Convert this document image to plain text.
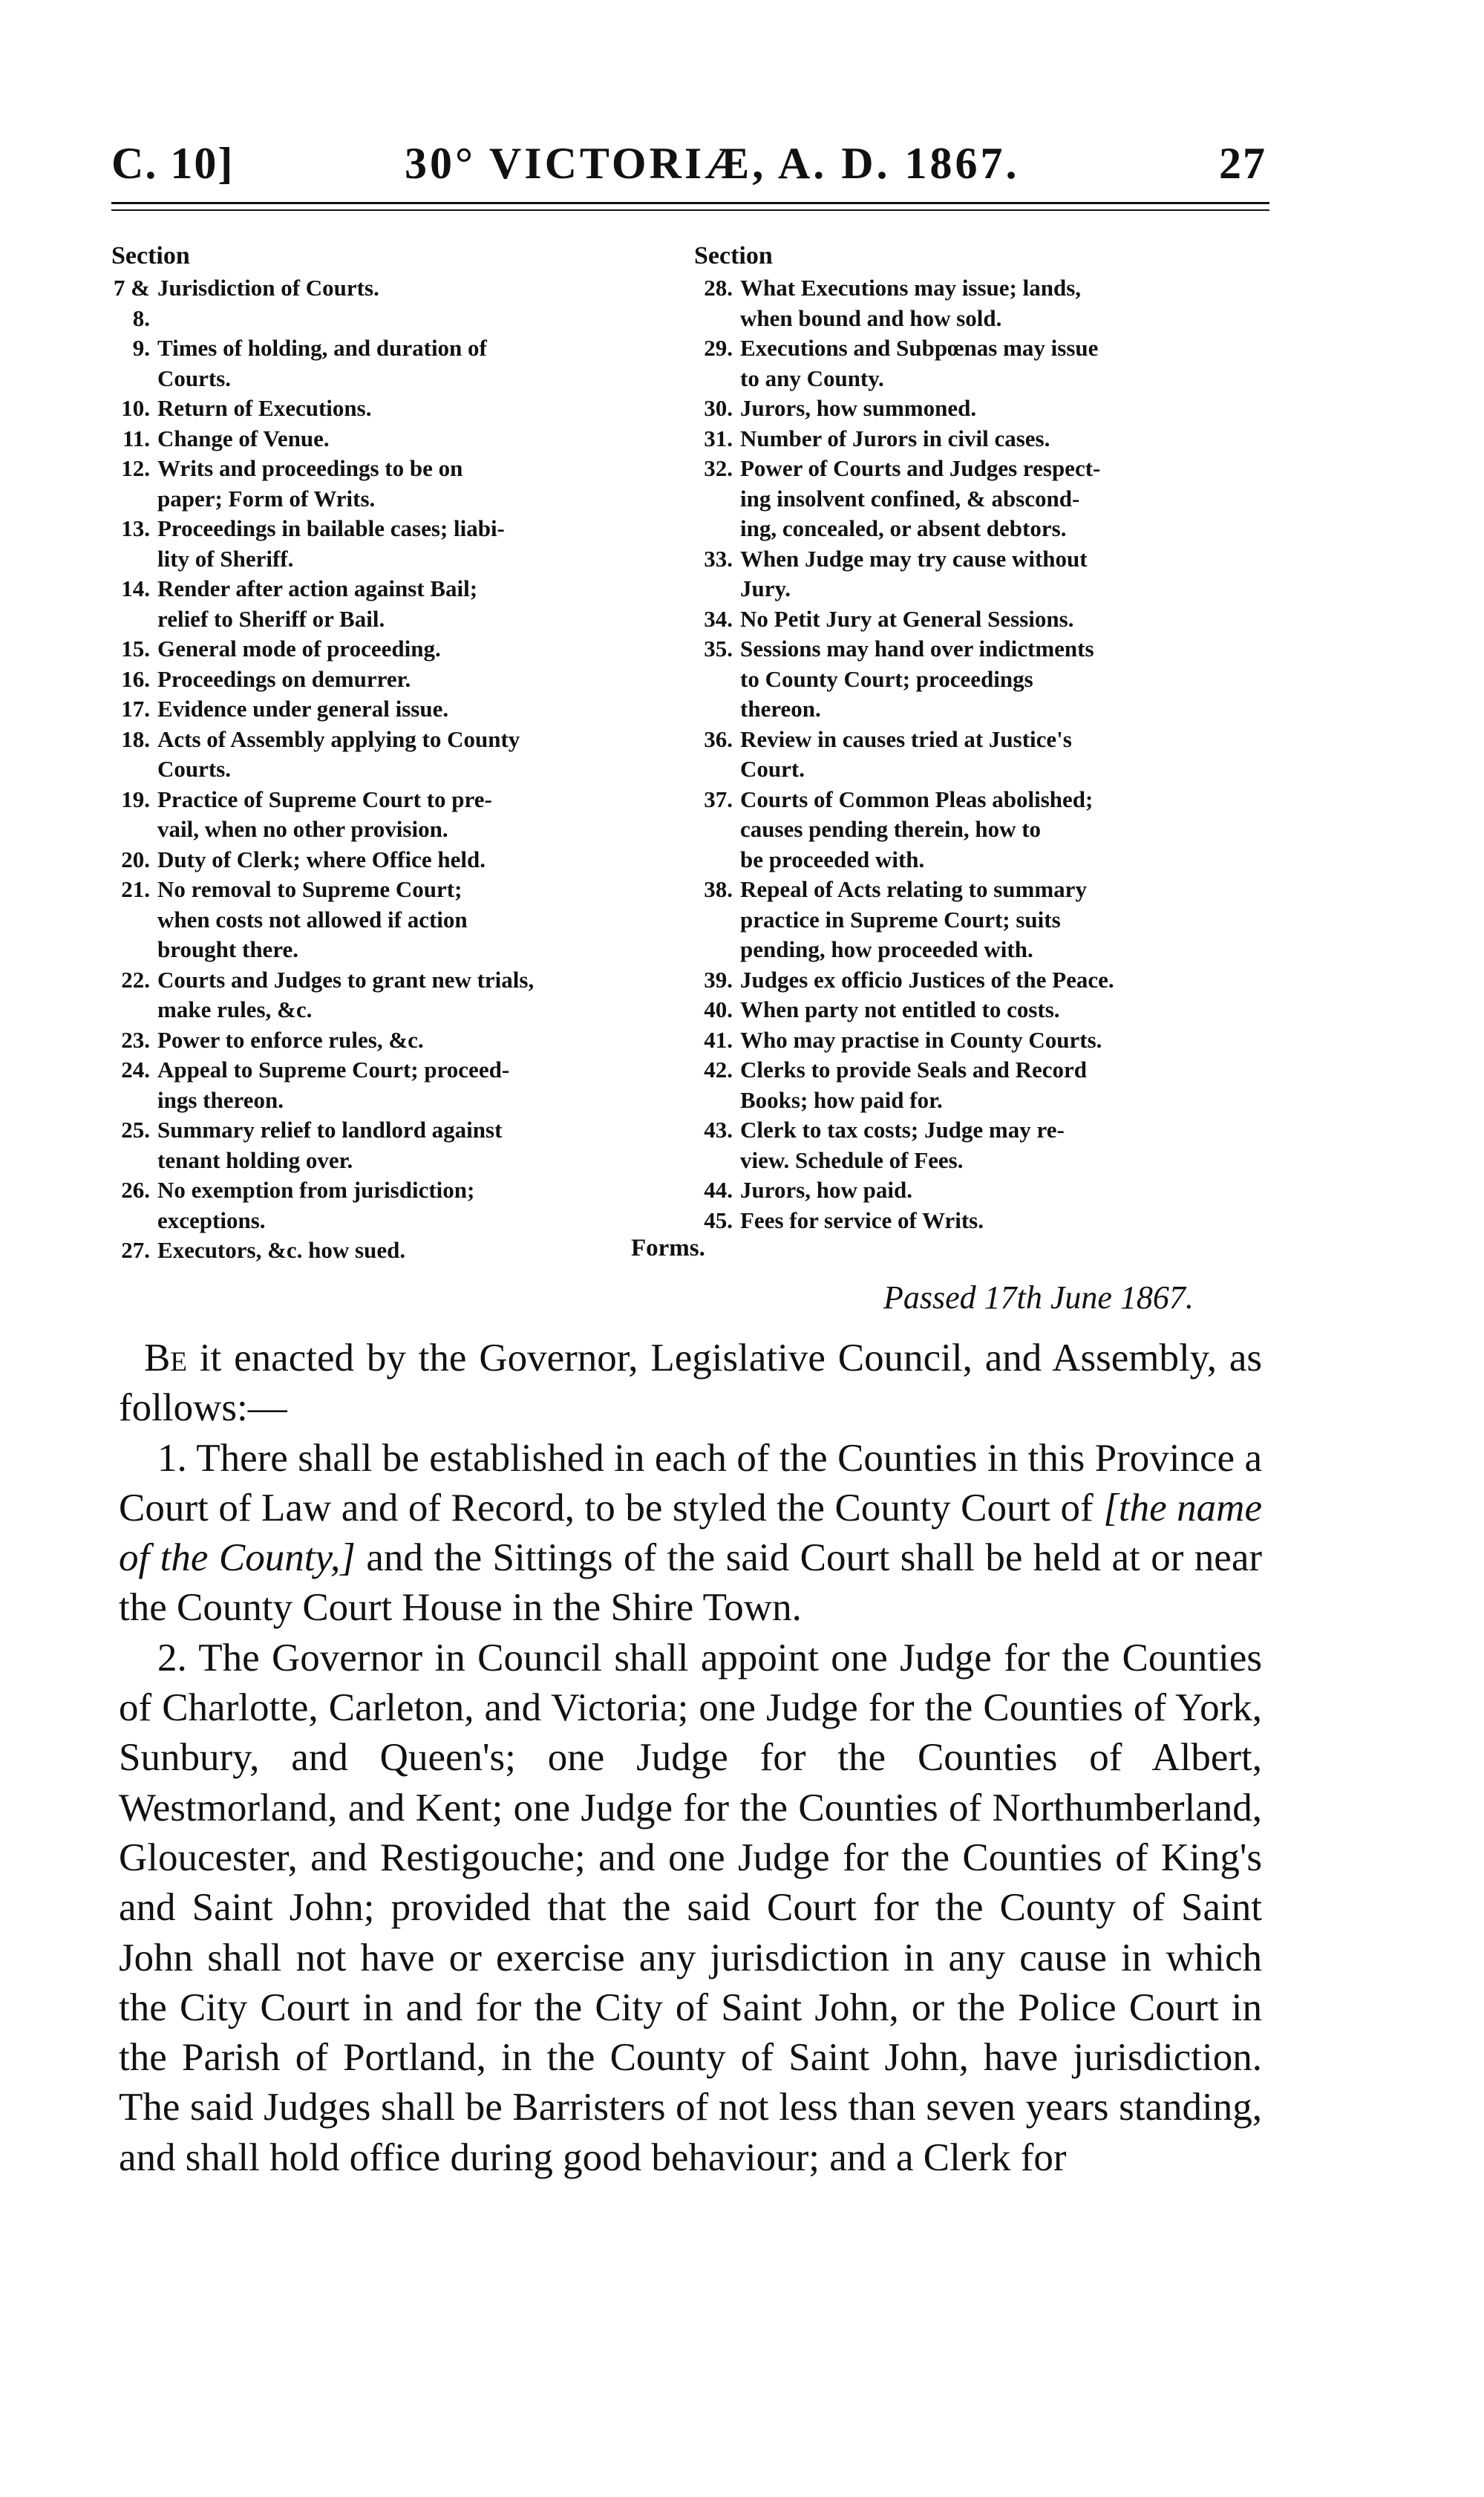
C. 10]	30° VICTORIÆ, A. D. 1867.	27
Section
7 & 8.
Jurisdiction of Courts.
9. Times of holding, and duration of
Courts.
10. Return of Executions.
11. Change of Venue.
12. Writs and proceedings to be on
paper; Form of Writs.
13. Proceedings in bailable cases; liabi-
lity of Sheriff.
14. Render after action against Bail;
relief to Sheriff or Bail.
15. General mode of proceeding.
16. Proceedings on demurrer.
17. Evidence under general issue.
18. Acts of Assembly applying to County
Courts.
19. Practice of Supreme Court to pre-
vail, when no other provision.
20. Duty of Clerk; where Office held.
21. No removal to Supreme Court;
when costs not allowed if action
brought there.
22. Courts and Judges to grant new trials,
make rules, &c.
23. Power to enforce rules, &c.
24. Appeal to Supreme Court; proceed-
ings thereon.
25. Summary relief to landlord against
tenant holding over.
26. No exemption from jurisdiction;
exceptions.
27. Executors, &c. how sued.
Section
28. What Executions may issue; lands,
when bound and how sold.
29. Executions and Subpœnas may issue
to any County.
30. Jurors, how summoned.
31. Number of Jurors in civil cases.
32. Power of Courts and Judges respect-
ing insolvent confined, & abscond-
ing, concealed, or absent debtors.
33. When Judge may try cause without
Jury.
34. No Petit Jury at General Sessions.
35. Sessions may hand over indictments
to County Court; proceedings
thereon.
36. Review in causes tried at Justice's
Court.
37. Courts of Common Pleas abolished;
causes pending therein, how to
be proceeded with.
38. Repeal of Acts relating to summary
practice in Supreme Court; suits
pending, how proceeded with.
39. Judges ex officio Justices of the Peace.
40. When party not entitled to costs.
41. Who may practise in County Courts.
42. Clerks to provide Seals and Record
Books; how paid for.
43. Clerk to tax costs; Judge may re-
view. Schedule of Fees.
44. Jurors, how paid.
45. Fees for service of Writs.
Forms.
Passed 17th June 1867.

Be it enacted by the Governor, Legislative Council, and Assembly, as follows:—

1. There shall be established in each of the Counties in this Province a Court of Law and of Record, to be styled the County Court of [the name of the County,] and the Sittings of the said Court shall be held at or near the County Court House in the Shire Town.

2. The Governor in Council shall appoint one Judge for the Counties of Charlotte, Carleton, and Victoria; one Judge for the Counties of York, Sunbury, and Queen's; one Judge for the Counties of Albert, Westmorland, and Kent; one Judge for the Counties of Northumberland, Gloucester, and Restigouche; and one Judge for the Counties of King's and Saint John; provided that the said Court for the County of Saint John shall not have or exercise any jurisdiction in any cause in which the City Court in and for the City of Saint John, or the Police Court in the Parish of Portland, in the County of Saint John, have jurisdiction. The said Judges shall be Barristers of not less than seven years standing, and shall hold office during good behaviour; and a Clerk for
